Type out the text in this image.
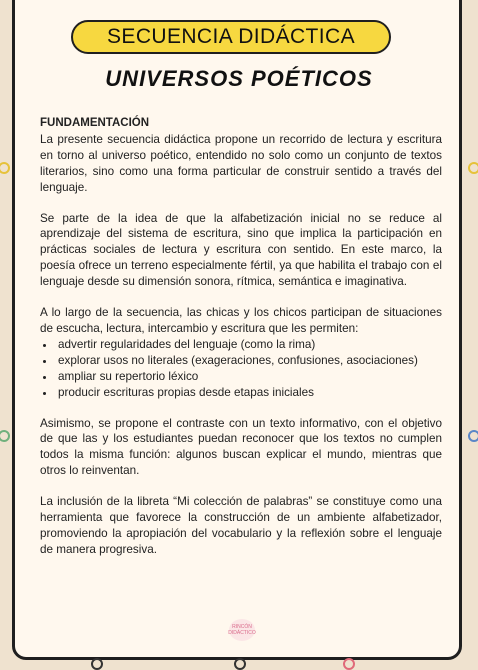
SECUENCIA DIDÁCTICA
UNIVERSOS POÉTICOS
FUNDAMENTACIÓN

La presente secuencia didáctica propone un recorrido de lectura y escritura en torno al universo poético, entendido no solo como un conjunto de textos literarios, sino como una forma particular de construir sentido a través del lenguaje.

Se parte de la idea de que la alfabetización inicial no se reduce al aprendizaje del sistema de escritura, sino que implica la participación en prácticas sociales de lectura y escritura con sentido. En este marco, la poesía ofrece un terreno especialmente fértil, ya que habilita el trabajo con el lenguaje desde su dimensión sonora, rítmica, semántica e imaginativa.

A lo largo de la secuencia, las chicas y los chicos participan de situaciones de escucha, lectura, intercambio y escritura que les permiten:

• advertir regularidades del lenguaje (como la rima)
• explorar usos no literales (exageraciones, confusiones, asociaciones)
• ampliar su repertorio léxico
• producir escrituras propias desde etapas iniciales

Asimismo, se propone el contraste con un texto informativo, con el objetivo de que las y los estudiantes puedan reconocer que los textos no cumplen todos la misma función: algunos buscan explicar el mundo, mientras que otros lo reinventan.

La inclusión de la libreta “Mi colección de palabras” se constituye como una herramienta que favorece la construcción de un ambiente alfabetizador, promoviendo la apropiación del vocabulario y la reflexión sobre el lenguaje de manera progresiva.

RINCÓN DIDÁCTICO
